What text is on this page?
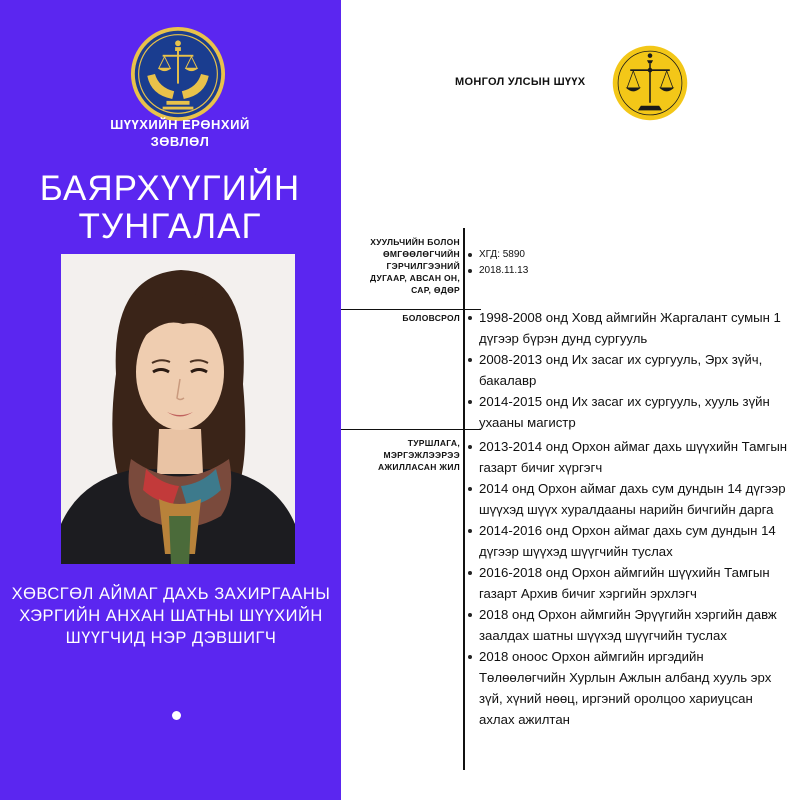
ШҮҮХИЙН ЕРӨНХИЙ
ЗӨВЛӨЛ
БАЯРХҮҮГИЙН
ТУНГАЛАГ
ХӨВСГӨЛ АЙМАГ ДАХЬ ЗАХИРГААНЫ
ХЭРГИЙН АНХАН ШАТНЫ ШҮҮХИЙН
ШҮҮГЧИД НЭР ДЭВШИГЧ
МОНГОЛ УЛСЫН ШҮҮХ
ХУУЛЬЧИЙН БОЛОН
ӨМГӨӨЛӨГЧИЙН
ГЭРЧИЛГЭЭНИЙ
ДУГААР, АВСАН ОН,
САР, ӨДӨР
ХГД: 5890
2018.11.13
БОЛОВСРОЛ	1998-2008 онд Ховд аймгийн Жаргалант сумын 1 дүгээр бүрэн дунд сургууль
2008-2013 онд Их засаг их сургууль, Эрх зүйч, бакалавр
2014-2015 онд Их засаг их сургууль, хууль зүйн ухааны магистр
ТУРШЛАГА,
МЭРГЭЖЛЭЭРЭЭ
АЖИЛЛАСАН ЖИЛ
2013-2014 онд Орхон аймаг дахь шүүхийн Тамгын газарт бичиг хүргэгч
2014 онд Орхон аймаг дахь сум дундын 14 дүгээр шүүхэд шүүх хуралдааны нарийн бичгийн дарга
2014-2016 онд Орхон аймаг дахь сум дундын 14 дүгээр шүүхэд шүүгчийн туслах
2016-2018 онд Орхон аймгийн шүүхийн Тамгын газарт Архив бичиг хэргийн эрхлэгч
2018 онд Орхон аймгийн Эрүүгийн хэргийн давж заалдах шатны шүүхэд шүүгчийн туслах
2018 оноос Орхон аймгийн иргэдийн Төлөөлөгчийн Хурлын Ажлын албанд хууль эрх зүй, хүний нөөц, иргэний оролцоо хариуцсан ахлах ажилтан
